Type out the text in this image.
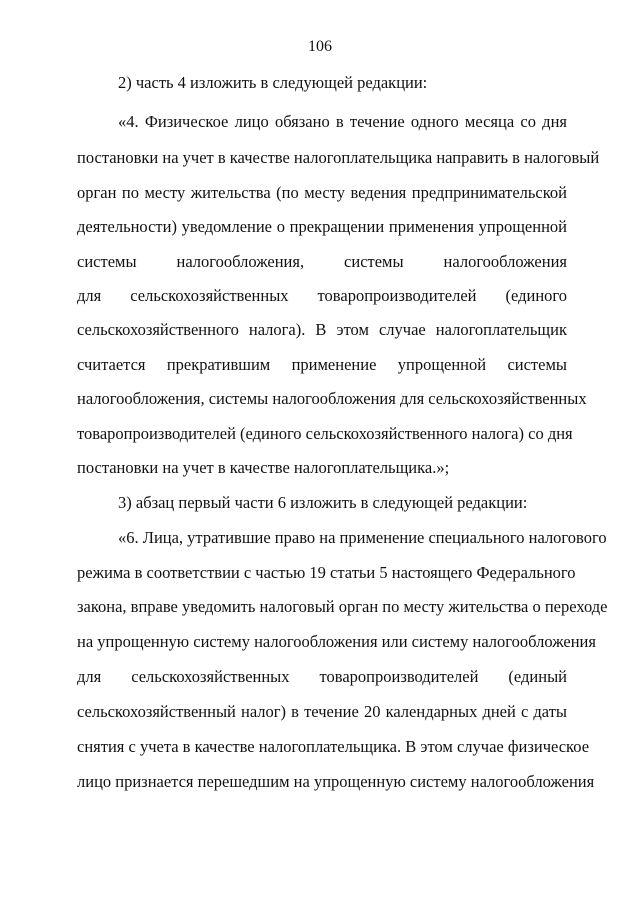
106
2) часть 4 изложить в следующей редакции:
«4. Физическое лицо обязано в течение одного месяца со дня
постановки на учет в качестве налогоплательщика направить в налоговый
орган по месту жительства (по месту ведения предпринимательской
деятельности) уведомление о прекращении применения упрощенной
системы налогообложения, системы налогообложения
для сельскохозяйственных товаропроизводителей (единого
сельскохозяйственного налога). В этом случае налогоплательщик
считается прекратившим применение упрощенной системы
налогообложения, системы налогообложения для сельскохозяйственных
товаропроизводителей (единого сельскохозяйственного налога) со дня
постановки на учет в качестве налогоплательщика.»;
3) абзац первый части 6 изложить в следующей редакции:
«6. Лица, утратившие право на применение специального налогового
режима в соответствии с частью 19 статьи 5 настоящего Федерального
закона, вправе уведомить налоговый орган по месту жительства о переходе
на упрощенную систему налогообложения или систему налогообложения
для сельскохозяйственных товаропроизводителей (единый
сельскохозяйственный налог) в течение 20 календарных дней с даты
снятия с учета в качестве налогоплательщика. В этом случае физическое
лицо признается перешедшим на упрощенную систему налогообложения
